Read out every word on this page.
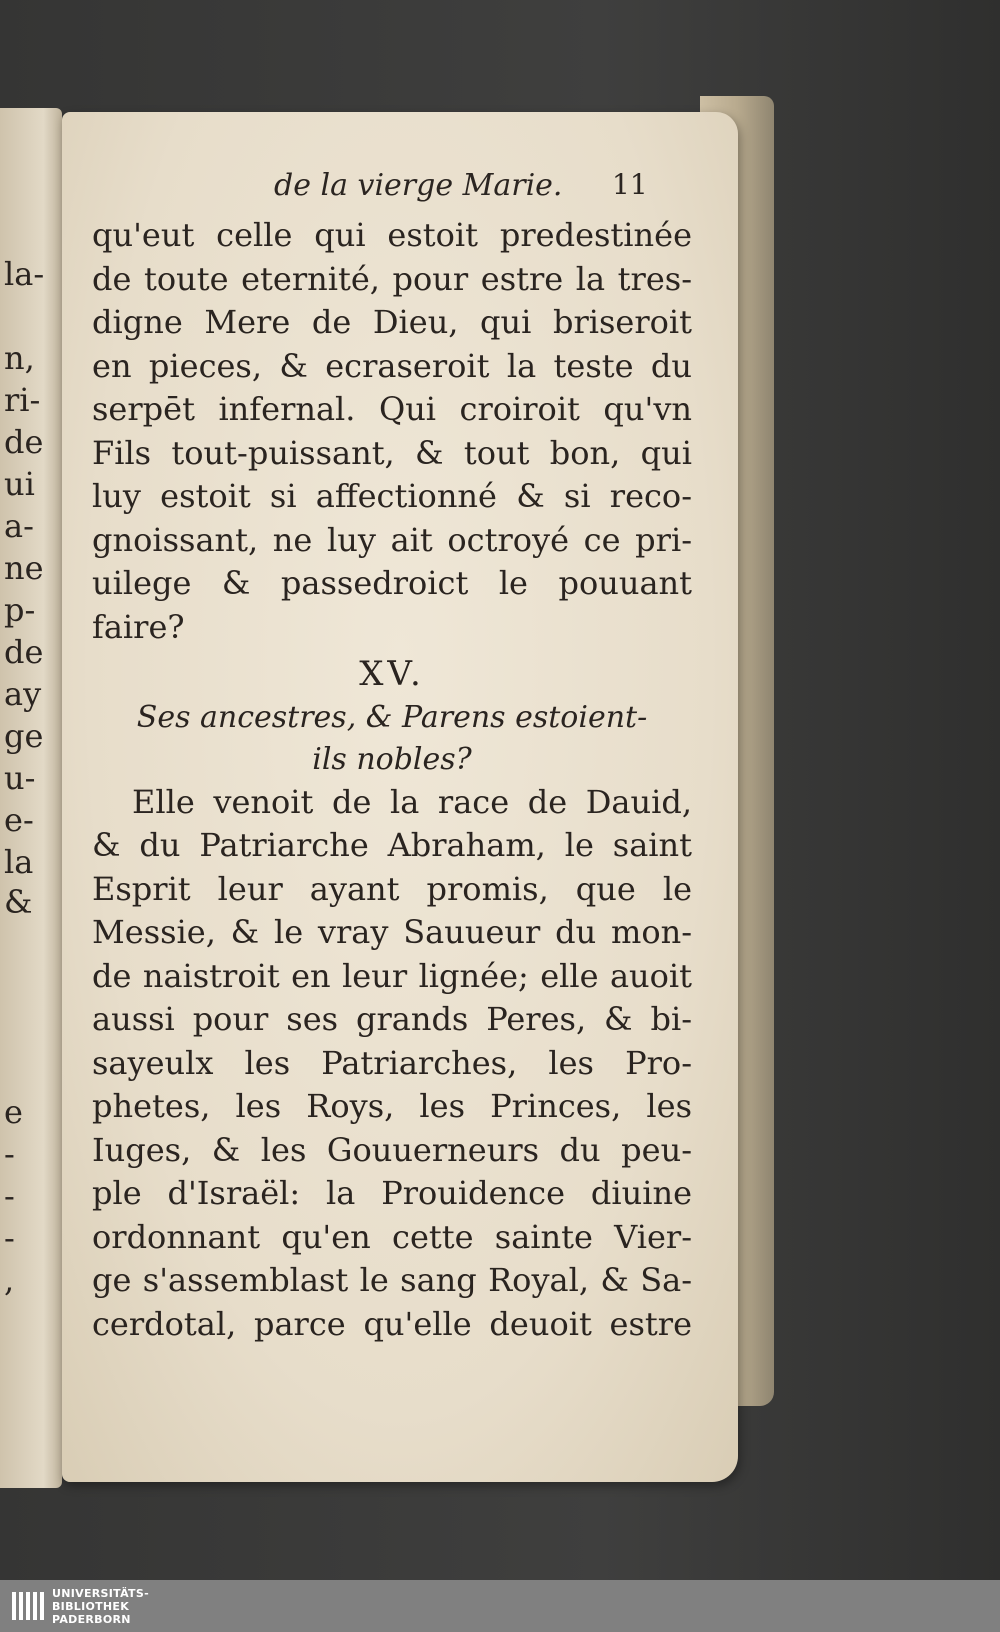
la-
n,
ri-
de
ui
a-
ne
p-
de
ay
ge
u-
e-
la
&
e
-
-
-
,
de la vierge Marie. 11
qu'eut celle qui estoit predestinée
de toute eternité, pour estre la tres-
digne Mere de Dieu, qui briseroit
en pieces, & ecraseroit la teste du
serpēt infernal. Qui croiroit qu'vn
Fils tout-puissant, & tout bon, qui
luy estoit si affectionné & si reco-
gnoissant, ne luy ait octroyé ce pri-
uilege & passedroict le pouuant
faire?
XV.
Ses ancestres, & Parens estoient-
ils nobles?
Elle venoit de la race de Dauid,
& du Patriarche Abraham, le saint
Esprit leur ayant promis, que le
Messie, & le vray Sauueur du mon-
de naistroit en leur lignée; elle auoit
aussi pour ses grands Peres, & bi-
sayeulx les Patriarches, les Pro-
phetes, les Roys, les Princes, les
Iuges, & les Gouuerneurs du peu-
ple d'Israël: la Prouidence diuine
ordonnant qu'en cette sainte Vier-
ge s'assemblast le sang Royal, & Sa-
cerdotal, parce qu'elle deuoit estre
UNIVERSITÄTS-
BIBLIOTHEK
PADERBORN
